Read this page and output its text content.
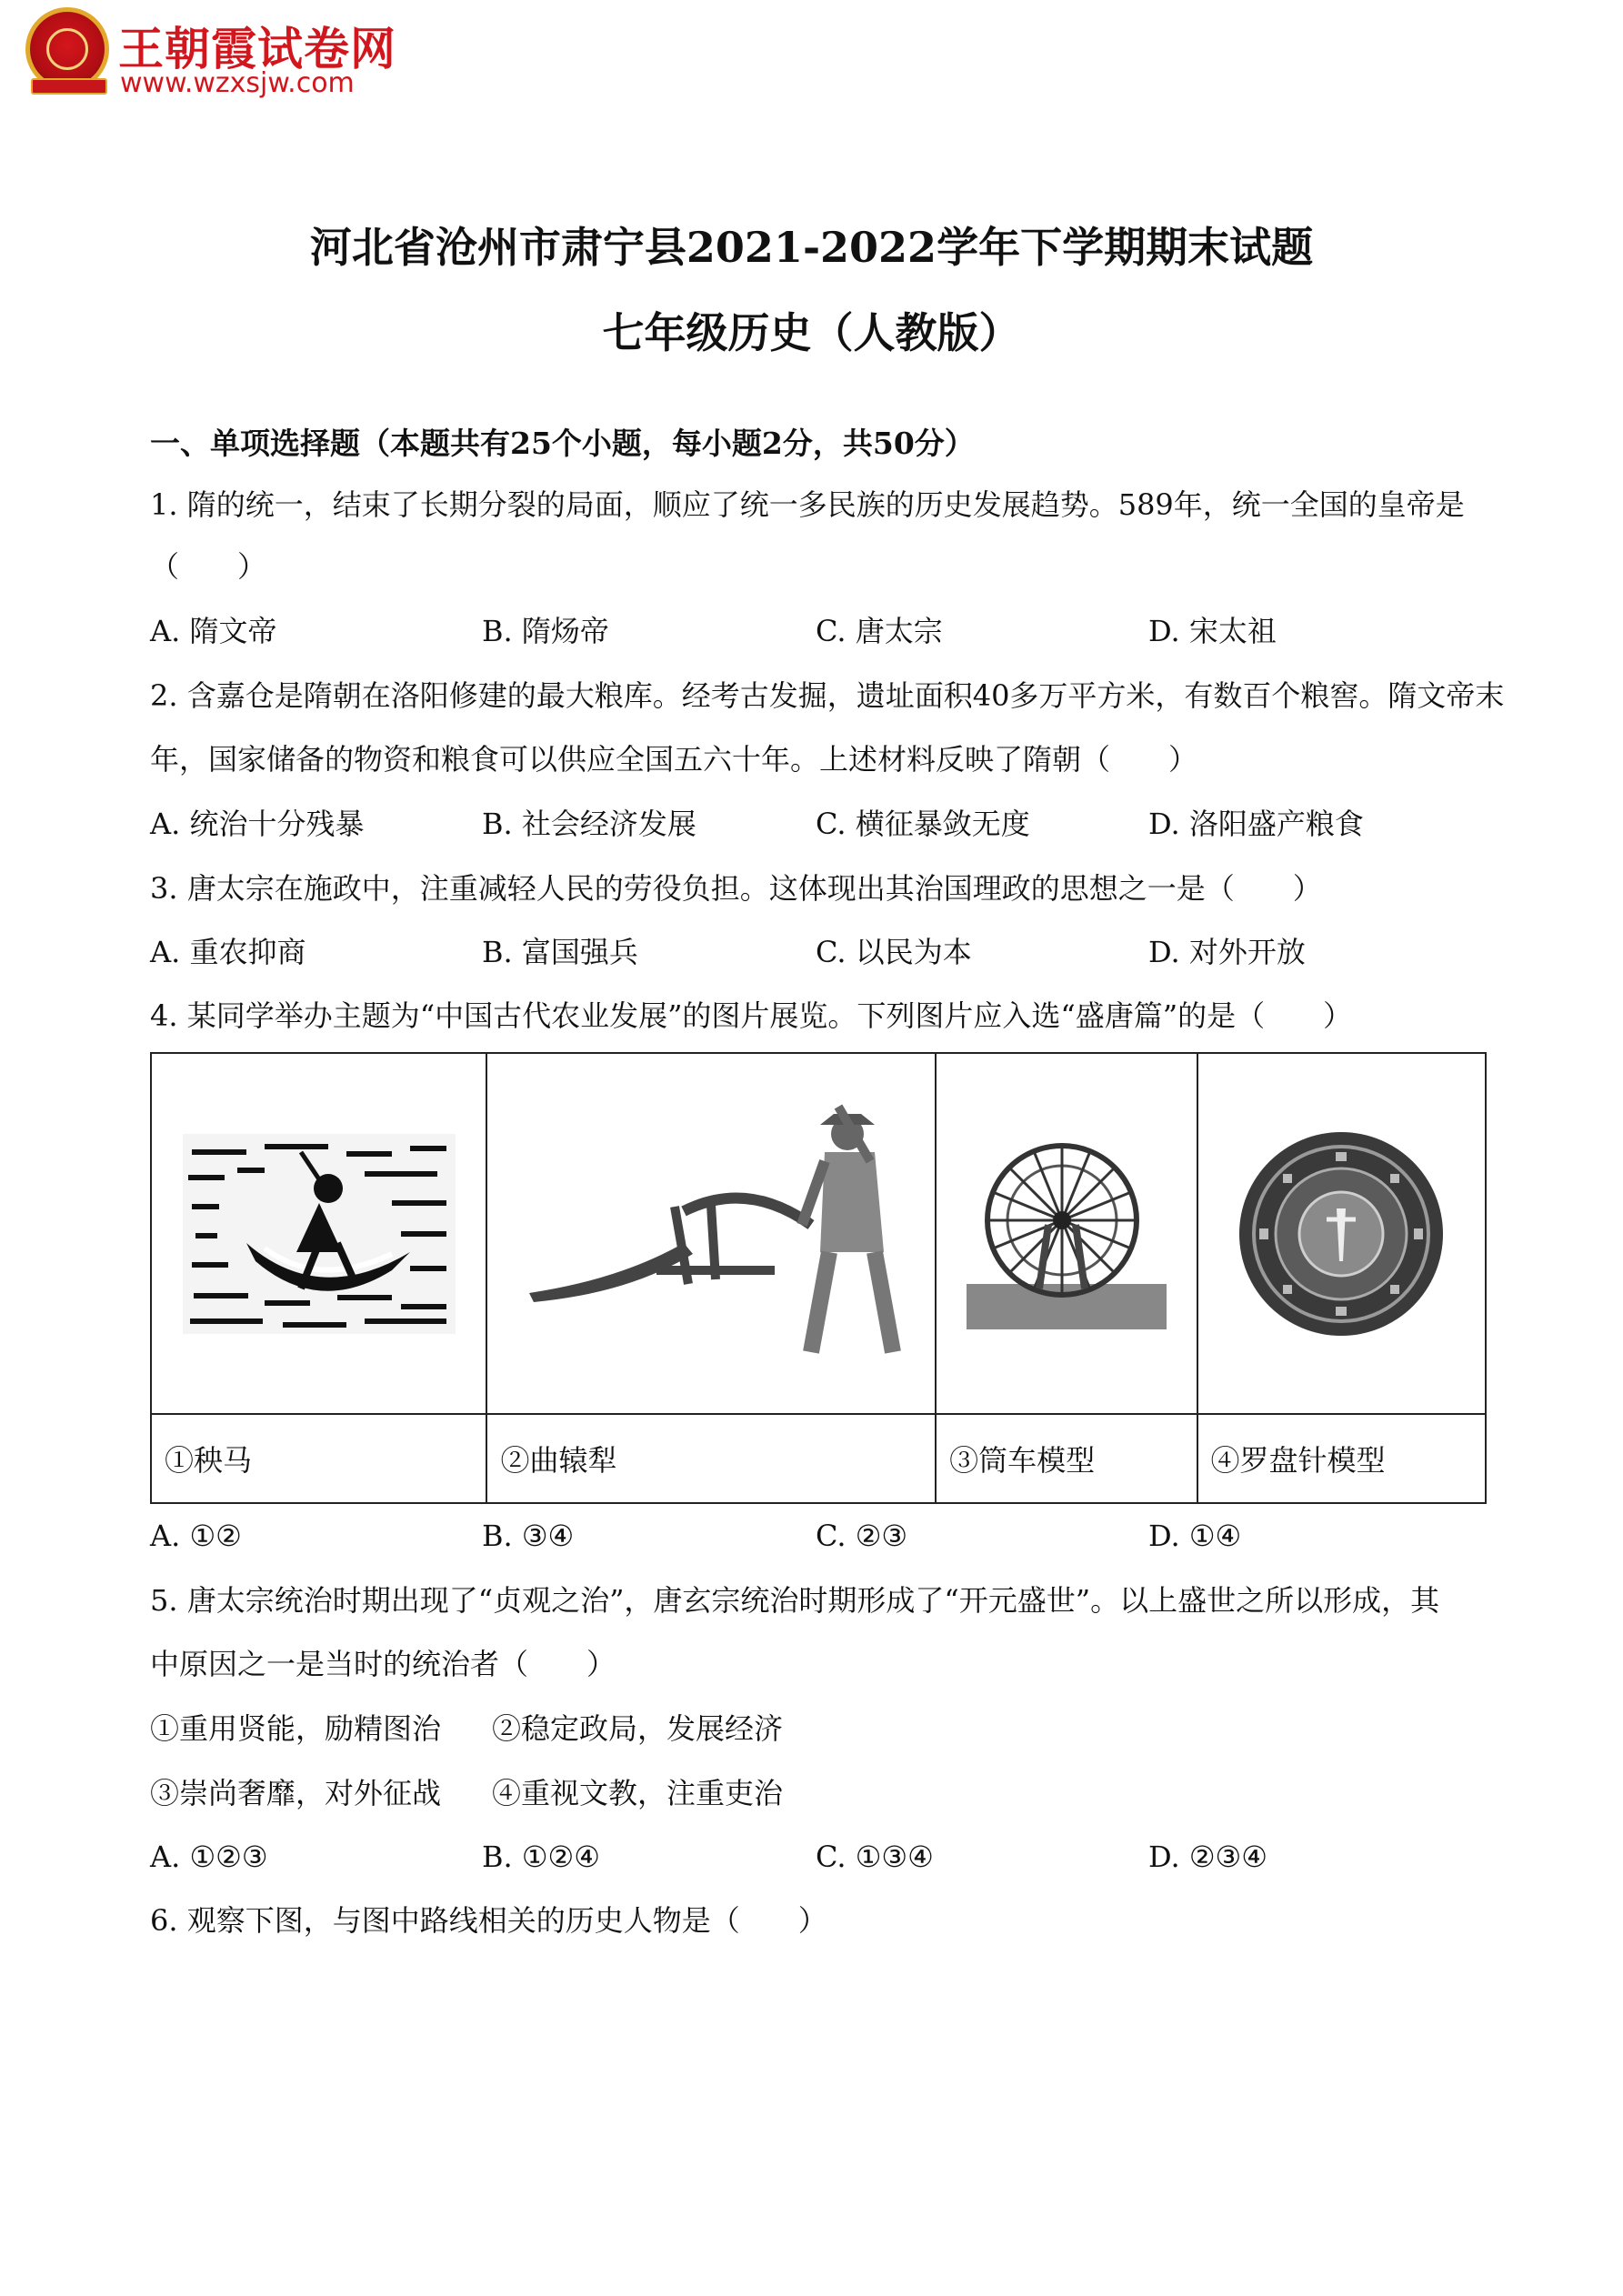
王朝霞试卷网
www.wzxsjw.com
河北省沧州市肃宁县2021-2022学年下学期期末试题
七年级历史（人教版）
一、单项选择题（本题共有25个小题，每小题2分，共50分）
1. 隋的统一，结束了长期分裂的局面，顺应了统一多民族的历史发展趋势。589年，统一全国的皇帝是
（　　）
A. 隋文帝	B. 隋炀帝	C. 唐太宗	D. 宋太祖
2. 含嘉仓是隋朝在洛阳修建的最大粮库。经考古发掘，遗址面积40多万平方米，有数百个粮窖。隋文帝末
年，国家储备的物资和粮食可以供应全国五六十年。上述材料反映了隋朝（　　）
A. 统治十分残暴	B. 社会经济发展	C. 横征暴敛无度	D. 洛阳盛产粮食
3. 唐太宗在施政中，注重减轻人民的劳役负担。这体现出其治国理政的思想之一是（　　）
A. 重农抑商	B. 富国强兵	C. 以民为本	D. 对外开放
4. 某同学举办主题为“中国古代农业发展”的图片展览。下列图片应入选“盛唐篇”的是（　　）

①秧马	②曲辕犁	③筒车模型	④罗盘针模型
A. ①②	B. ③④	C. ②③	D. ①④
5. 唐太宗统治时期出现了“贞观之治”，唐玄宗统治时期形成了“开元盛世”。以上盛世之所以形成，其
中原因之一是当时的统治者（　　）
①重用贤能，励精图治 ②稳定政局，发展经济
③崇尚奢靡，对外征战 ④重视文教，注重吏治
A. ①②③	B. ①②④	C. ①③④	D. ②③④
6. 观察下图，与图中路线相关的历史人物是（　　）
